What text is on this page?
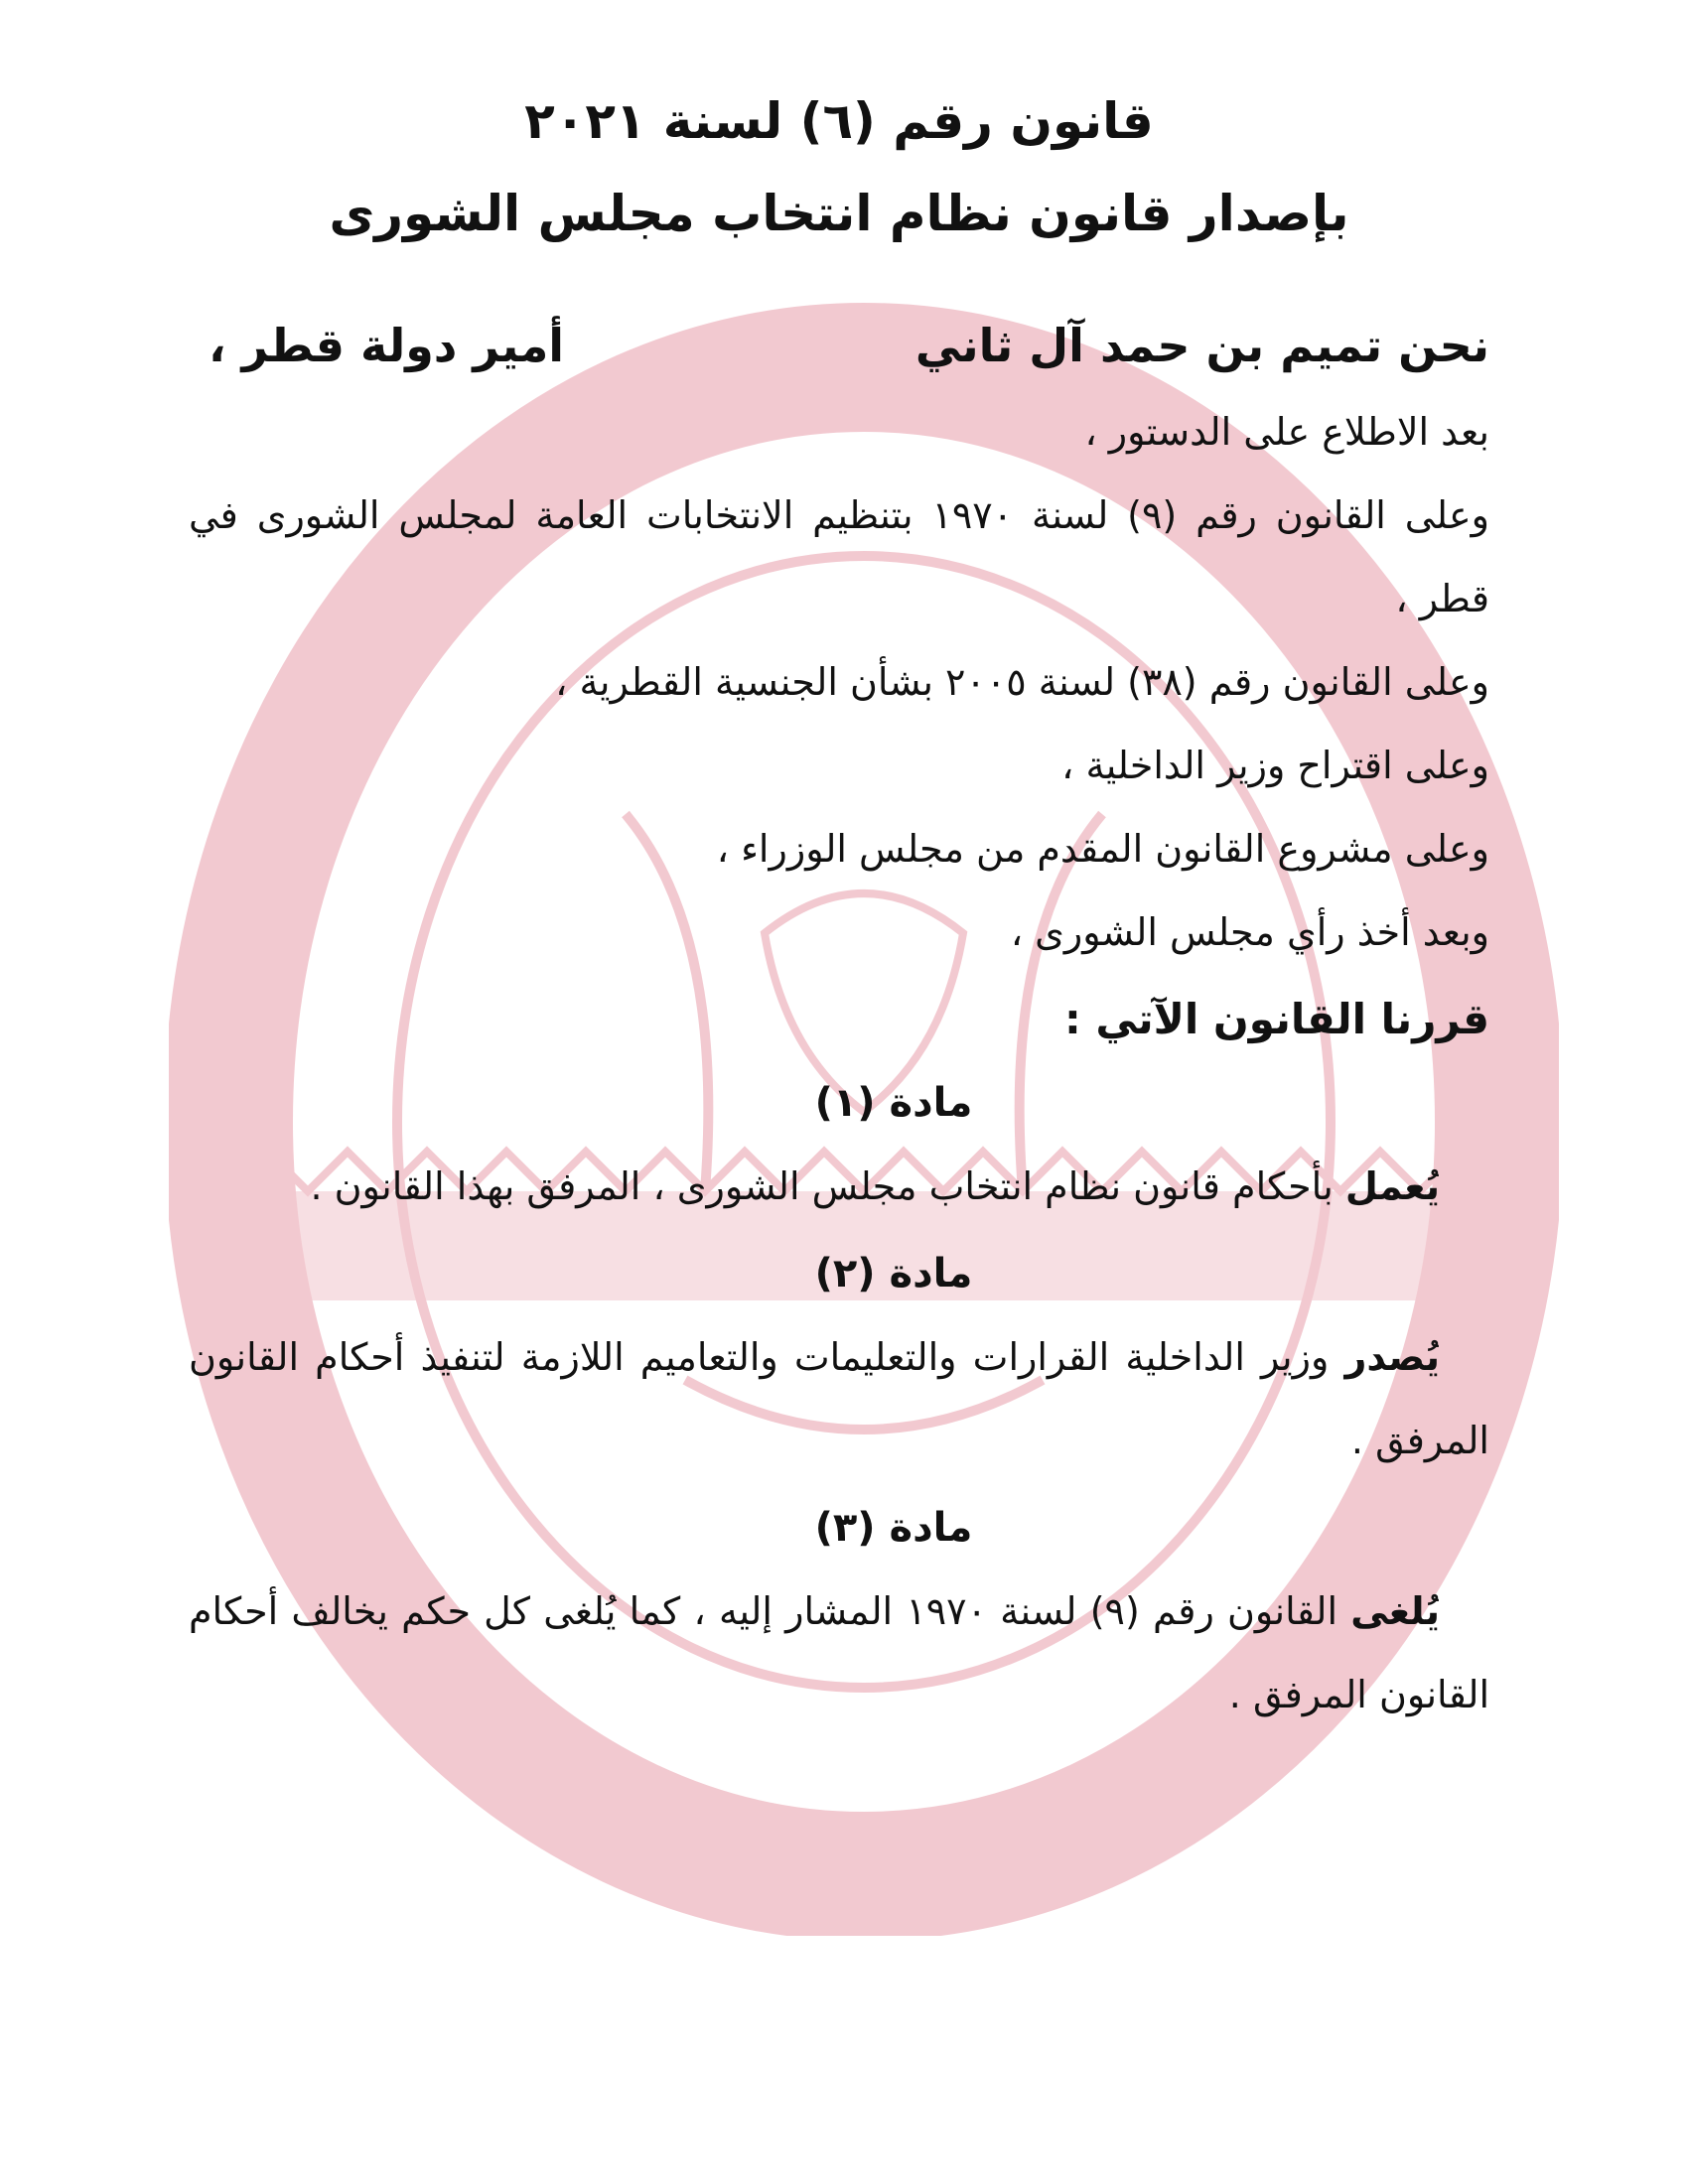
قانون رقم (٦) لسنة ٢٠٢١
بإصدار قانون نظام انتخاب مجلس الشورى
نحن تميم بن حمد آل ثاني
أمير دولة قطر ،

بعد الاطلاع على الدستور ،

وعلى القانون رقم (٩) لسنة ١٩٧٠ بتنظيم الانتخابات العامة لمجلس الشورى في قطر ،

وعلى القانون رقم (٣٨) لسنة ٢٠٠٥ بشأن الجنسية القطرية ،

وعلى اقتراح وزير الداخلية ،

وعلى مشروع القانون المقدم من مجلس الوزراء ،

وبعد أخذ رأي مجلس الشورى ،

قررنا القانون الآتي :

مادة (١)

يُعمل بأحكام قانون نظام انتخاب مجلس الشورى ، المرفق بهذا القانون .

مادة (٢)

يُصدر وزير الداخلية القرارات والتعليمات والتعاميم اللازمة لتنفيذ أحكام القانون المرفق .

مادة (٣)

يُلغى القانون رقم (٩) لسنة ١٩٧٠ المشار إليه ، كما يُلغى كل حكم يخالف أحكام القانون المرفق .
